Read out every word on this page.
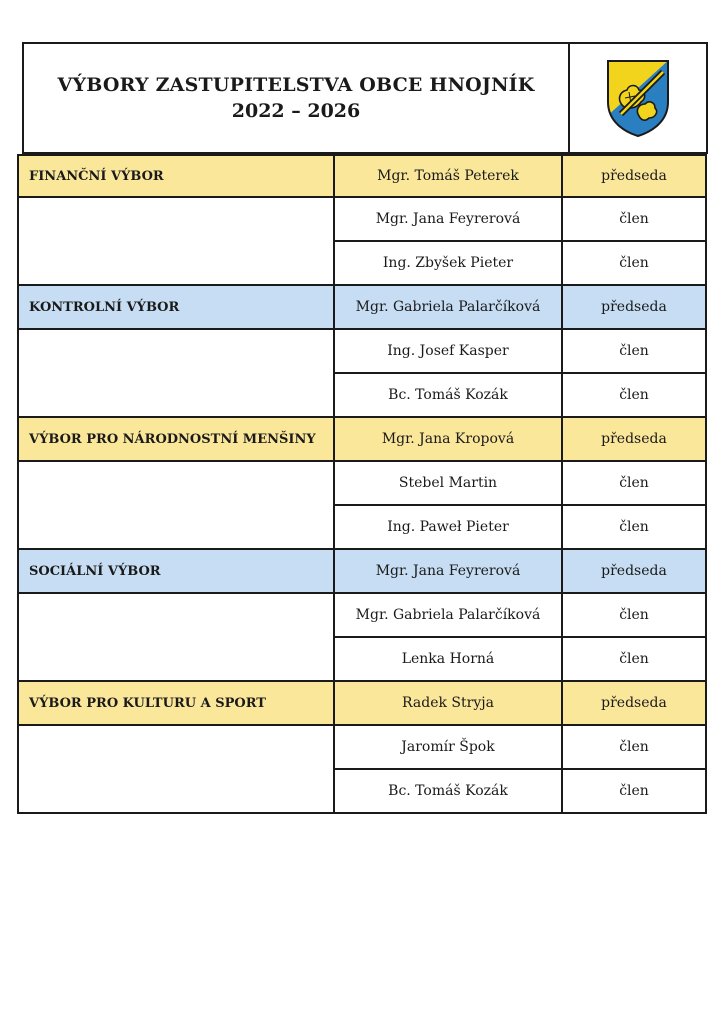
VÝBORY ZASTUPITELSTVA OBCE HNOJNÍK
2022 – 2026
FINANČNÍ VÝBOR	Mgr. Tomáš Peterek	předseda
Mgr. Jana Feyrerová	člen
Ing. Zbyšek Pieter	člen
KONTROLNÍ VÝBOR	Mgr. Gabriela Palarčíková	předseda
Ing. Josef Kasper	člen
Bc. Tomáš Kozák	člen
VÝBOR PRO NÁRODNOSTNÍ MENŠINY	Mgr. Jana Kropová	předseda
Stebel Martin	člen
Ing. Paweł Pieter	člen
SOCIÁLNÍ VÝBOR	Mgr. Jana Feyrerová	předseda
Mgr. Gabriela Palarčíková	člen
Lenka Horná	člen
VÝBOR PRO KULTURU A SPORT	Radek Stryja	předseda
Jaromír Špok	člen
Bc. Tomáš Kozák	člen
